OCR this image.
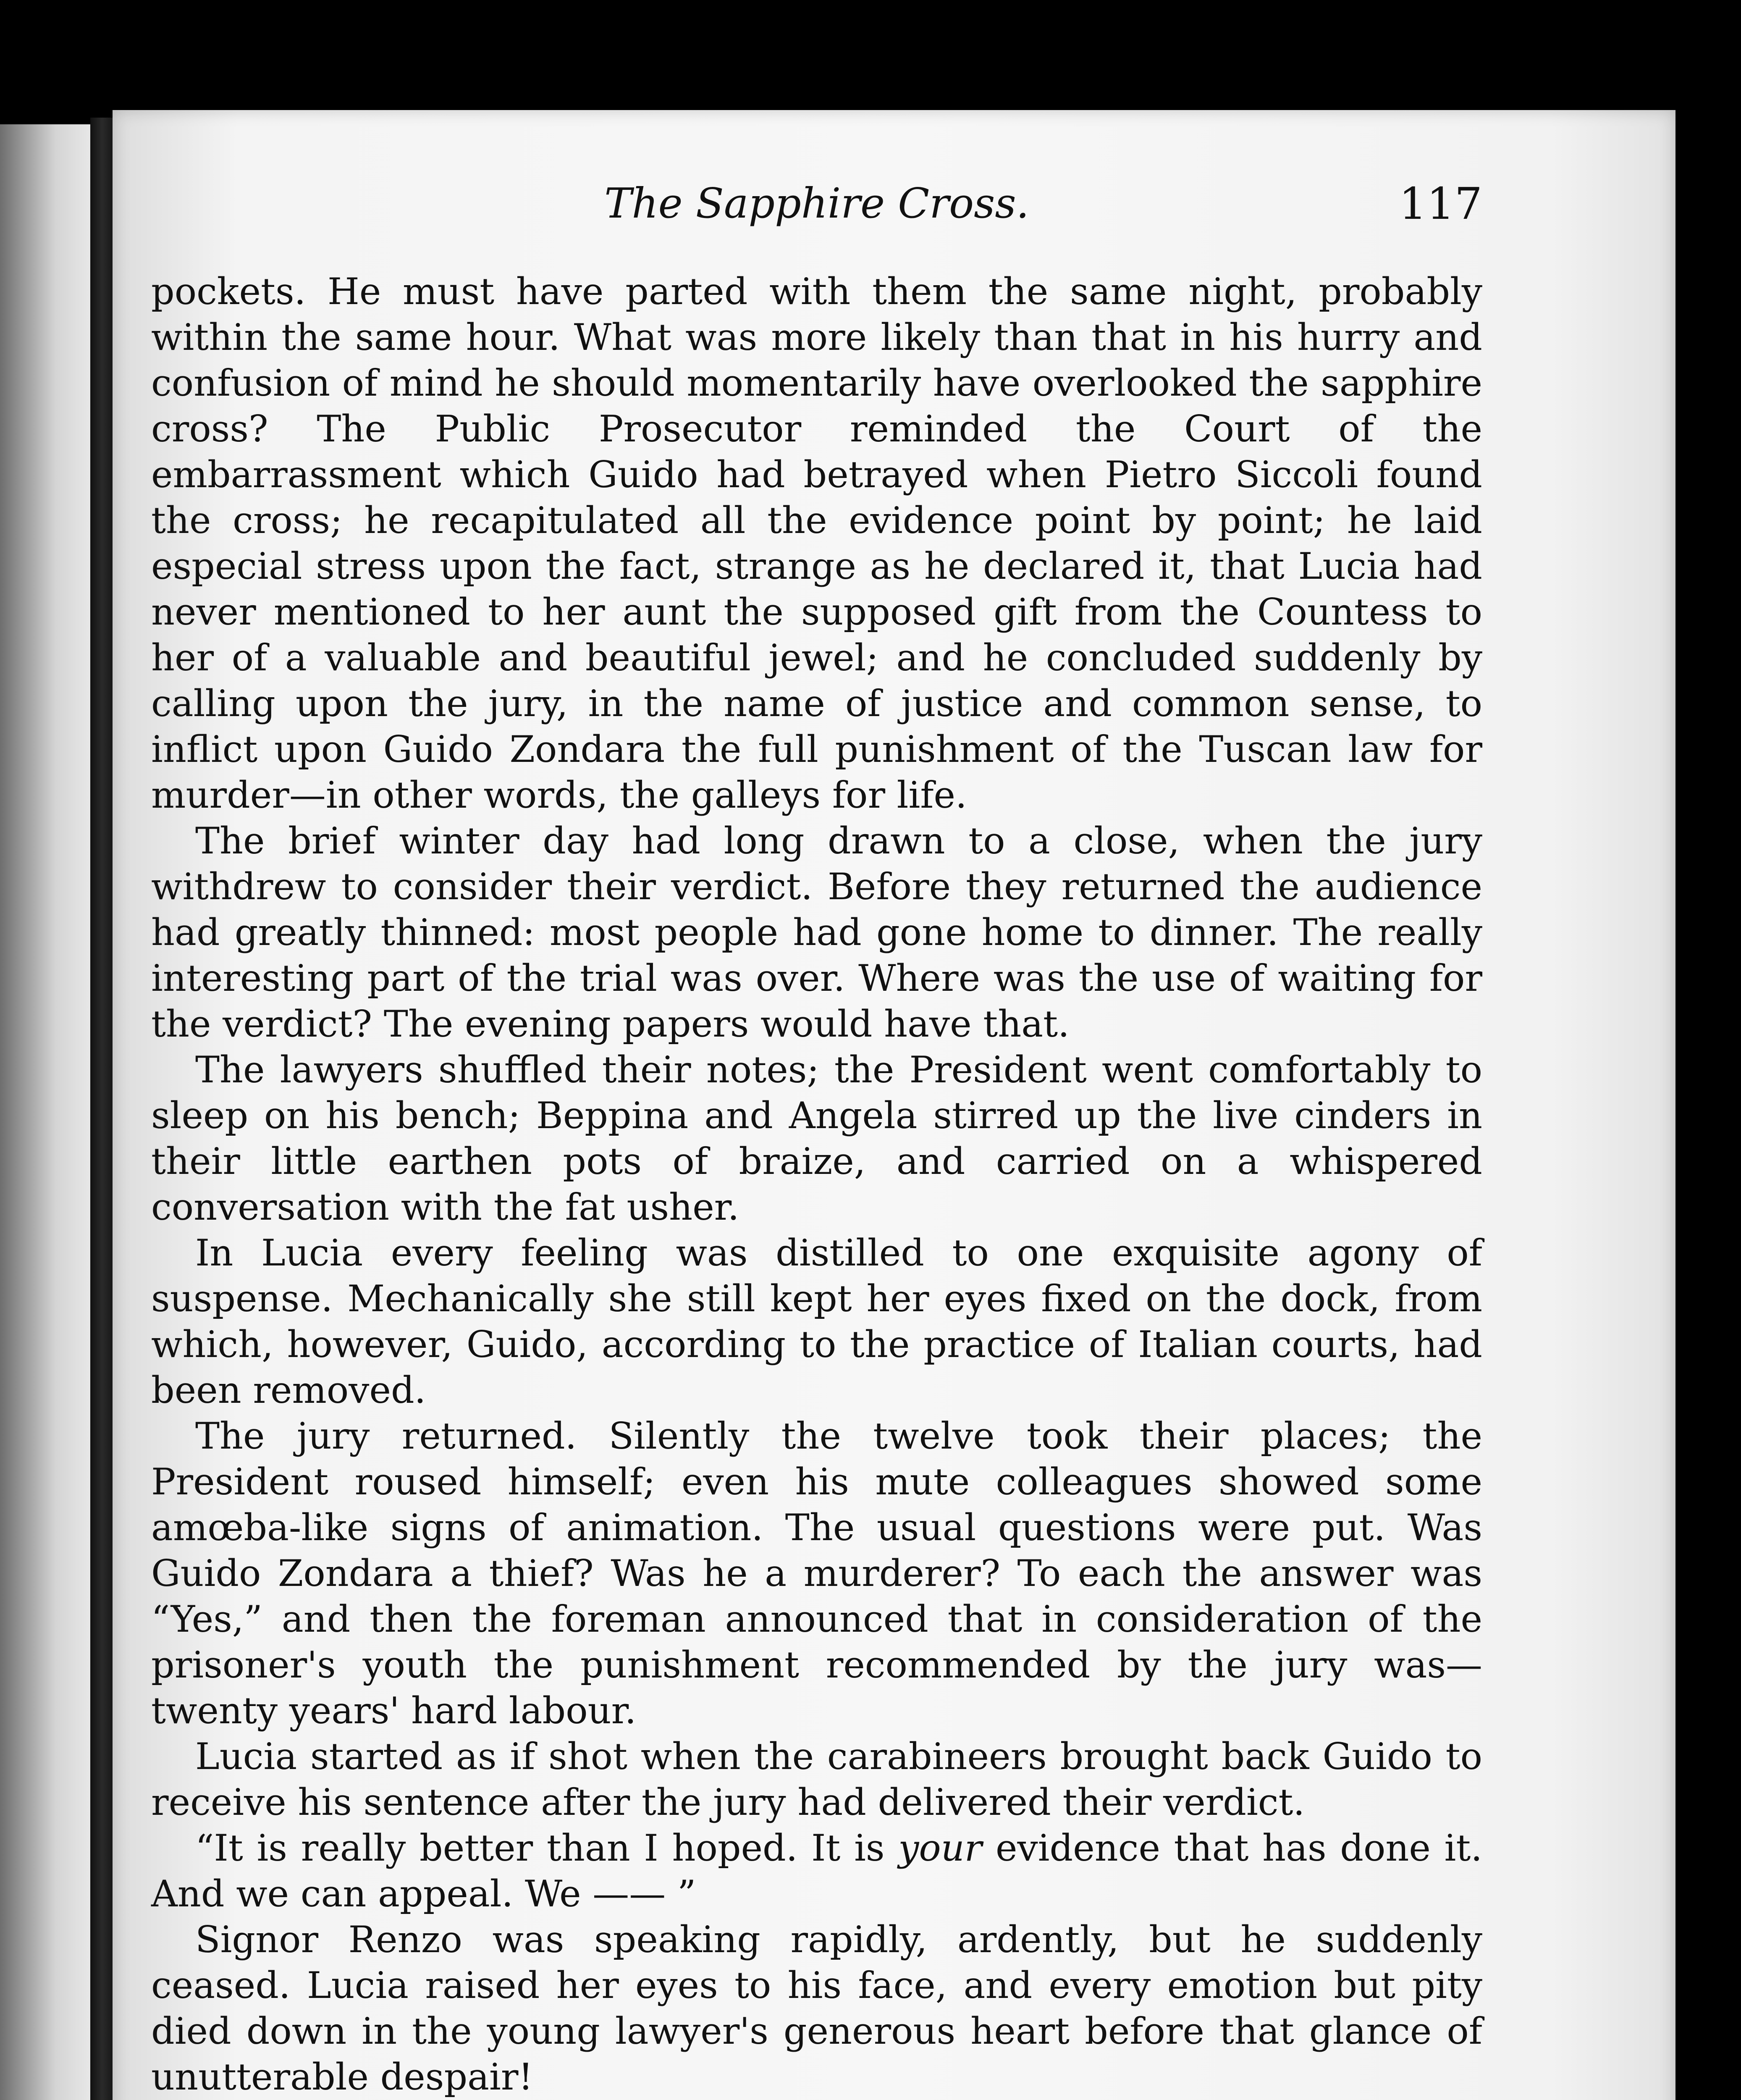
The Sapphire Cross.	117

pockets. He must have parted with them the same night, probably within the same hour. What was more likely than that in his hurry and confusion of mind he should momentarily have overlooked the sapphire cross? The Public Prosecutor reminded the Court of the embarrassment which Guido had betrayed when Pietro Siccoli found the cross; he recapitulated all the evidence point by point; he laid especial stress upon the fact, strange as he declared it, that Lucia had never mentioned to her aunt the supposed gift from the Countess to her of a valuable and beautiful jewel; and he concluded suddenly by calling upon the jury, in the name of justice and common sense, to inflict upon Guido Zondara the full punishment of the Tuscan law for murder—in other words, the galleys for life.

The brief winter day had long drawn to a close, when the jury withdrew to consider their verdict. Before they returned the audience had greatly thinned: most people had gone home to dinner. The really interesting part of the trial was over. Where was the use of waiting for the verdict? The evening papers would have that.

The lawyers shuffled their notes; the President went comfortably to sleep on his bench; Beppina and Angela stirred up the live cinders in their little earthen pots of braize, and carried on a whispered conversation with the fat usher.

In Lucia every feeling was distilled to one exquisite agony of suspense. Mechanically she still kept her eyes fixed on the dock, from which, however, Guido, according to the practice of Italian courts, had been removed.

The jury returned. Silently the twelve took their places; the President roused himself; even his mute colleagues showed some amœba-like signs of animation. The usual questions were put. Was Guido Zondara a thief? Was he a murderer? To each the answer was “Yes,” and then the foreman announced that in consideration of the prisoner's youth the punishment recommended by the jury was—twenty years' hard labour.

Lucia started as if shot when the carabineers brought back Guido to receive his sentence after the jury had delivered their verdict.

“It is really better than I hoped. It is your evidence that has done it. And we can appeal. We —— ”

Signor Renzo was speaking rapidly, ardently, but he suddenly ceased. Lucia raised her eyes to his face, and every emotion but pity died down in the young lawyer's generous heart before that glance of unutterable despair!
